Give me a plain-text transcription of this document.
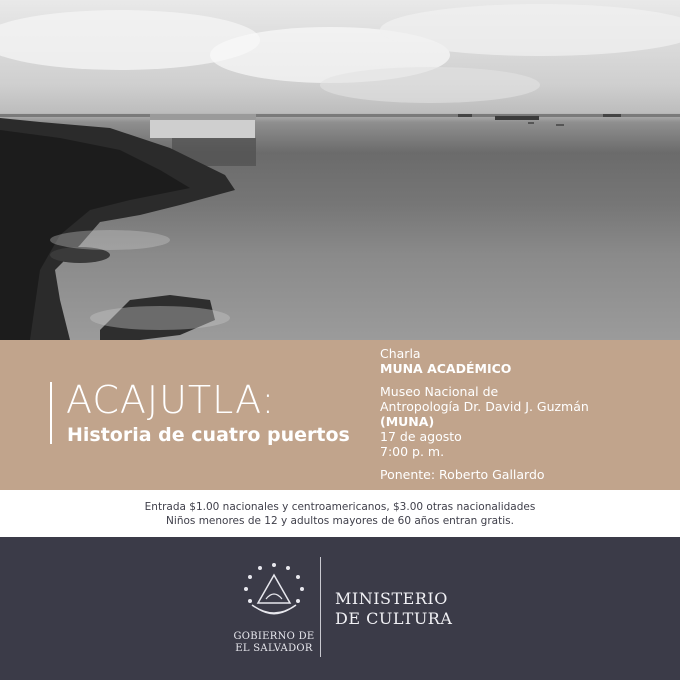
ACAJUTLA:
Historia de cuatro puertos
Charla
MUNA ACADÉMICO
Museo Nacional de
Antropología Dr. David J. Guzmán
(MUNA)
17 de agosto
7:00 p. m.
Ponente: Roberto Gallardo
Entrada $1.00 nacionales y centroamericanos, $3.00 otras nacionalidades
Niños menores de 12 y adultos mayores de 60 años entran gratis.
GOBIERNO DE
EL SALVADOR
MINISTERIO
DE CULTURA
